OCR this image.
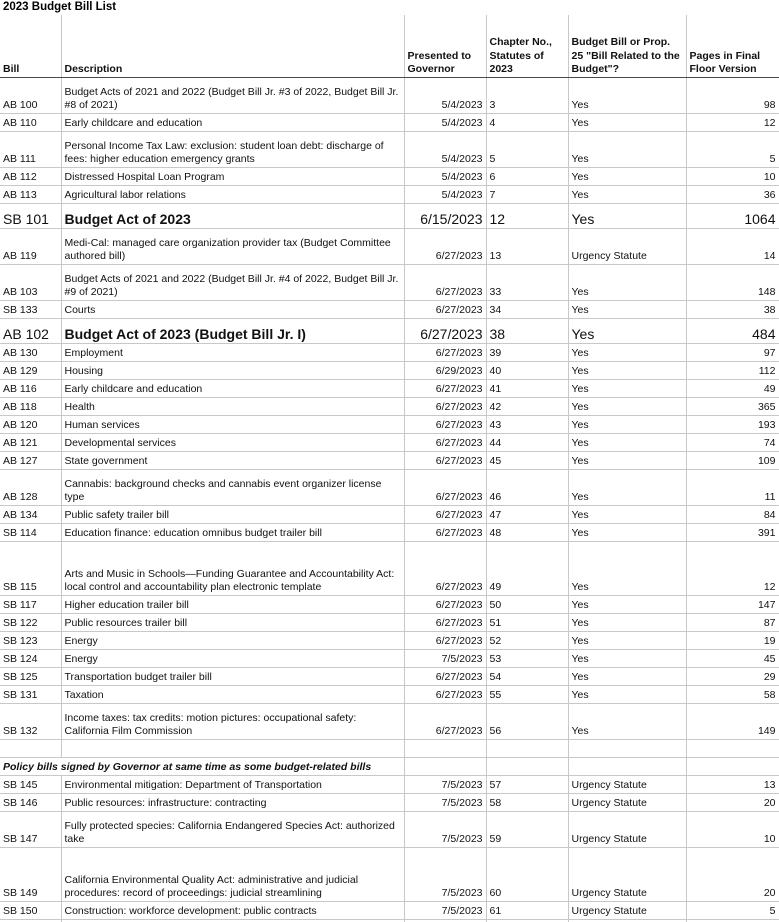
2023 Budget Bill List
Bill	Description	Presented to Governor	Chapter No., Statutes of 2023	Budget Bill or Prop. 25 "Bill Related to the Budget"?	Pages in Final Floor Version
AB 100	Budget Acts of 2021 and 2022 (Budget Bill Jr. #3 of 2022, Budget Bill Jr. #8 of 2021)	5/4/2023	3	Yes	98
AB 110	Early childcare and education	5/4/2023	4	Yes	12
AB 111	Personal Income Tax Law: exclusion: student loan debt: discharge of fees: higher education emergency grants	5/4/2023	5	Yes	5
AB 112	Distressed Hospital Loan Program	5/4/2023	6	Yes	10
AB 113	Agricultural labor relations	5/4/2023	7	Yes	36
SB 101	Budget Act of 2023	6/15/2023	12	Yes	1064
AB 119	Medi-Cal: managed care organization provider tax (Budget Committee authored bill)	6/27/2023	13	Urgency Statute	14
AB 103	Budget Acts of 2021 and 2022 (Budget Bill Jr. #4 of 2022, Budget Bill Jr. #9 of 2021)	6/27/2023	33	Yes	148
SB 133	Courts	6/27/2023	34	Yes	38
AB 102	Budget Act of 2023 (Budget Bill Jr. I)	6/27/2023	38	Yes	484
AB 130	Employment	6/27/2023	39	Yes	97
AB 129	Housing	6/29/2023	40	Yes	112
AB 116	Early childcare and education	6/27/2023	41	Yes	49
AB 118	Health	6/27/2023	42	Yes	365
AB 120	Human services	6/27/2023	43	Yes	193
AB 121	Developmental services	6/27/2023	44	Yes	74
AB 127	State government	6/27/2023	45	Yes	109
AB 128	Cannabis: background checks and cannabis event organizer license type	6/27/2023	46	Yes	11
AB 134	Public safety trailer bill	6/27/2023	47	Yes	84
SB 114	Education finance: education omnibus budget trailer bill	6/27/2023	48	Yes	391
SB 115	Arts and Music in Schools—Funding Guarantee and Accountability Act: local control and accountability plan electronic template	6/27/2023	49	Yes	12
SB 117	Higher education trailer bill	6/27/2023	50	Yes	147
SB 122	Public resources trailer bill	6/27/2023	51	Yes	87
SB 123	Energy	6/27/2023	52	Yes	19
SB 124	Energy	7/5/2023	53	Yes	45
SB 125	Transportation budget trailer bill	6/27/2023	54	Yes	29
SB 131	Taxation	6/27/2023	55	Yes	58
SB 132	Income taxes: tax credits: motion pictures: occupational safety: California Film Commission	6/27/2023	56	Yes	149

Policy bills signed by Governor at same time as some budget-related bills					
SB 145	Environmental mitigation: Department of Transportation	7/5/2023	57	Urgency Statute	13
SB 146	Public resources: infrastructure: contracting	7/5/2023	58	Urgency Statute	20
SB 147	Fully protected species: California Endangered Species Act: authorized take	7/5/2023	59	Urgency Statute	10
SB 149	California Environmental Quality Act: administrative and judicial procedures: record of proceedings: judicial streamlining	7/5/2023	60	Urgency Statute	20
SB 150	Construction: workforce development: public contracts	7/5/2023	61	Urgency Statute	5
